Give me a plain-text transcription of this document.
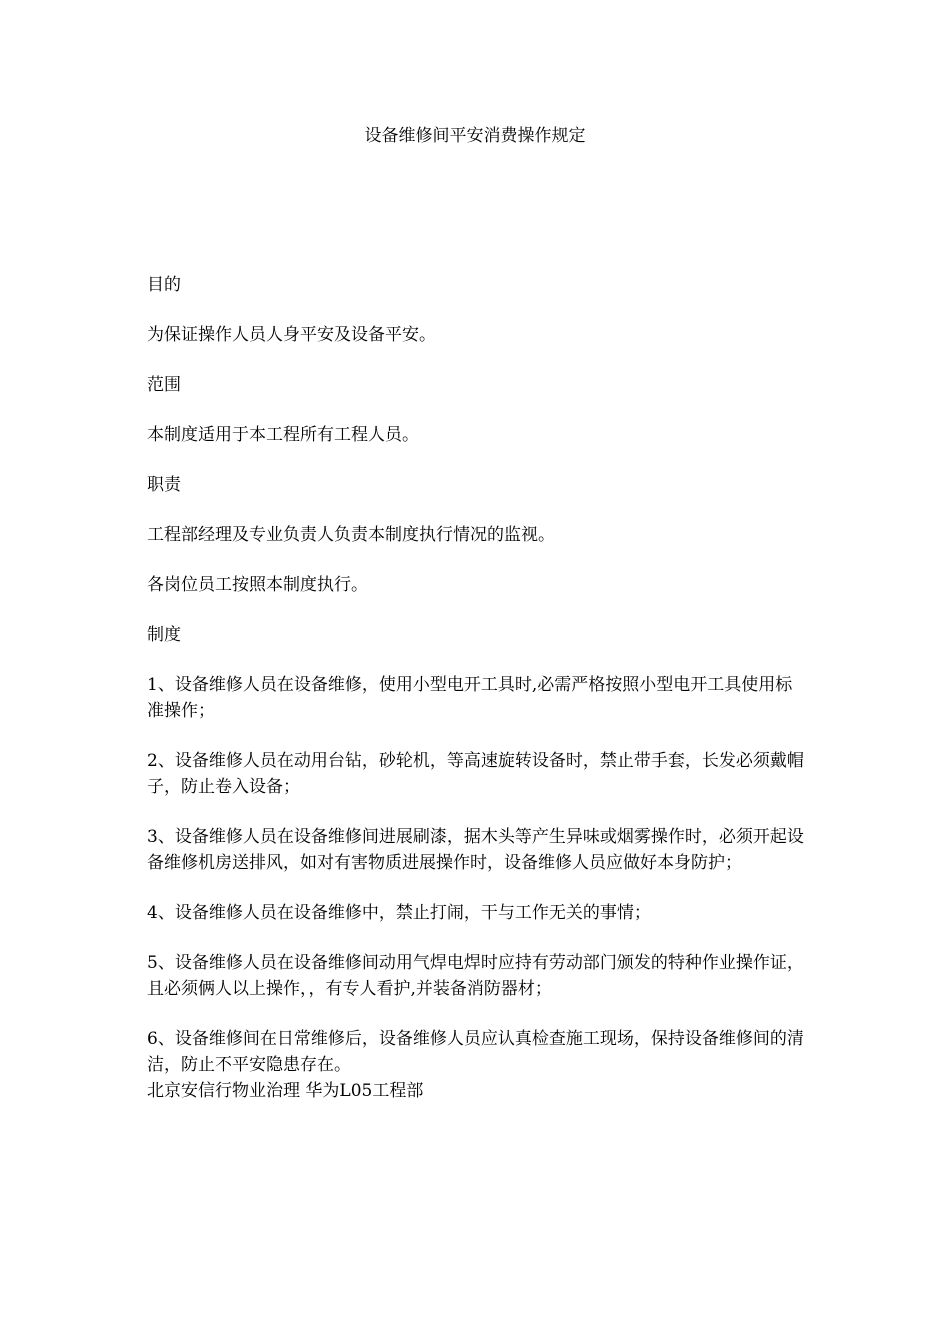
设备维修间平安消费操作规定

目的

为保证操作人员人身平安及设备平安。

范围

本制度适用于本工程所有工程人员。

职责

工程部经理及专业负责人负责本制度执行情况的监视。

各岗位员工按照本制度执行。

制度

1、设备维修人员在设备维修，使用小型电开工具时,必需严格按照小型电开工具使用标准操作；

2、设备维修人员在动用台钻，砂轮机，等高速旋转设备时，禁止带手套，长发必须戴帽子，防止卷入设备；

3、设备维修人员在设备维修间进展刷漆，据木头等产生异味或烟雾操作时，必须开起设备维修机房送排风，如对有害物质进展操作时，设备维修人员应做好本身防护；

4、设备维修人员在设备维修中，禁止打闹，干与工作无关的事情；

5、设备维修人员在设备维修间动用气焊电焊时应持有劳动部门颁发的特种作业操作证，且必须俩人以上操作，，有专人看护,并装备消防器材；

6、设备维修间在日常维修后，设备维修人员应认真检查施工现场，保持设备维修间的清洁，防止不平安隐患存在。

北京安信行物业治理 华为L05工程部
